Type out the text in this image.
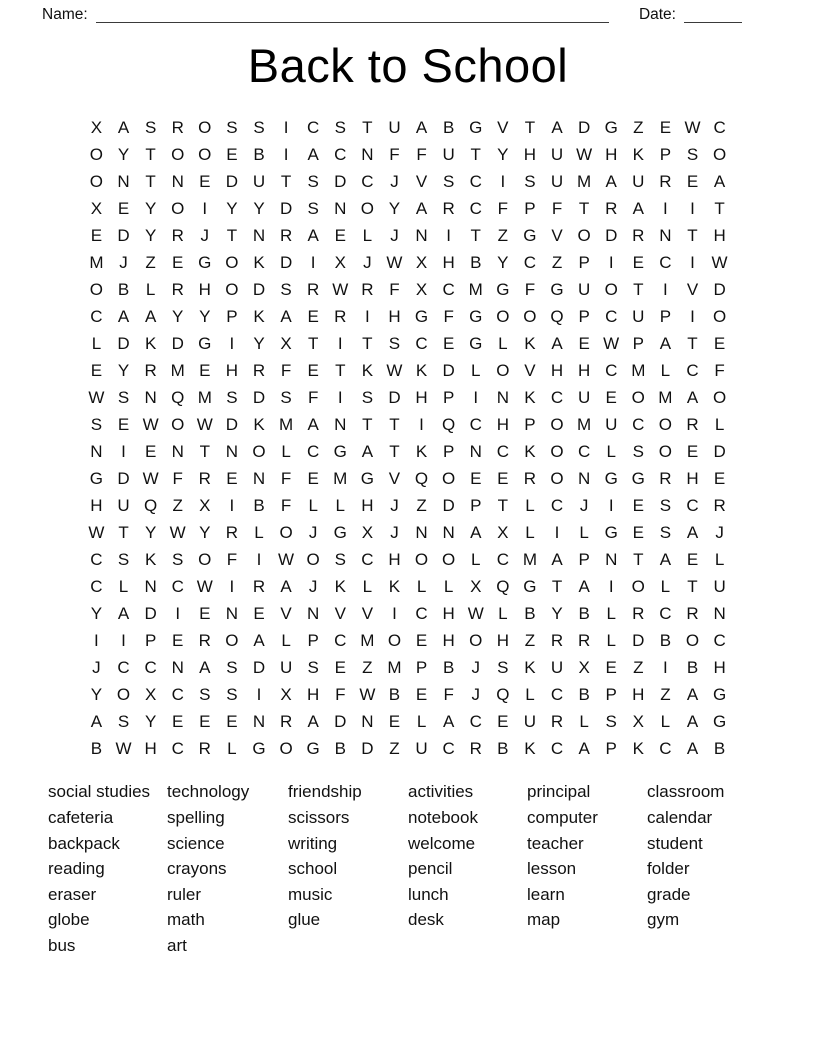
Name:	Date:
Back to School
X A S R O S S	I	C S T U A B G V T A D G Z E W C
O Y T O O E B	I	A C N F F U T Y H U W H K P S O
O N T N E D U T S D C J	V S C	I	S U M A U R E A
X E Y O	I	Y Y D S N O Y A R C F P F T R A	I	I	T
E D Y R J	T N R A E L	J N	I	T Z G V O D R N T H
M J	Z E G O K D	I	X	J W X H B Y C Z P	I	E C	I W
O B L R H O D S R W R F X C M G F G U O T	I	V D
C A A Y Y P K A E R	I	H G F G O O Q P C U P	I	O
L D K D G	I	Y X T	I	T S C E G L K A E W P A T E
E Y R M E H R F E T K W K D L O V H H C M L C F
W S N Q M S D S F	I	S D H P	I	N K C U E O M A O
S E W O W D K M A N T T	I	Q C H P O M U C O R L
N	I	E N T N O L C G A T K P N C K O C L S O E D
G D W F R E N F E M G V Q O E E R O N G G R H E
H U Q Z X	I	B F	L	L H J	Z D P T	L C J	I	E S C R
W T Y W Y R L O J G X	J N N A X L	I	L G E S A	J
C S K S O F	I W O S C H O O L C M A P N T A E L
C L N C W I	R A	J	K L K L	L X Q G T A	I	O L	T U
Y A D	I	E N E V N V V	I	C H W L B Y B L R C R N
I	I	P E R O A L P C M O E H O H Z R R L D B O C
J C C N A S D U S E Z M P B	J	S K U X E Z	I	B H
Y O X C S S	I	X H F W B E F	J Q L C B P H Z A G
A S Y E E E N R A D N E L A C E U R L S X L A G
B W H C R L G O G B D Z U C R B K C A P K C A B
social studies
cafeteria
backpack
reading
eraser
globe
bus
technology
spelling
science
crayons
ruler
math
art
friendship
scissors
writing
school
music
glue
activities
notebook
welcome
pencil
lunch
desk
principal
computer
teacher
lesson
learn
map
classroom
calendar
student
folder
grade
gym
